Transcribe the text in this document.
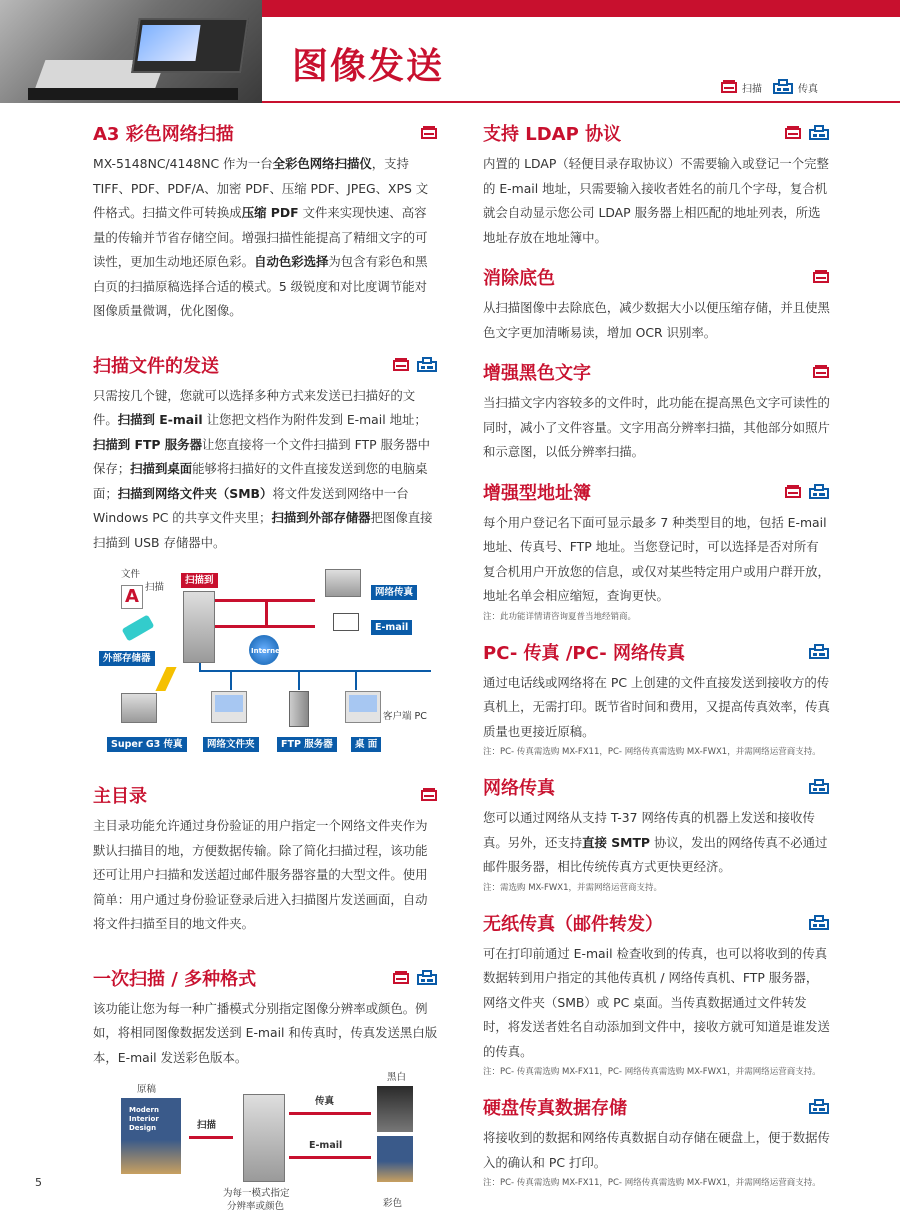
图像发送
扫描	传真
A3 彩色网络扫描
MX-5148NC/4148NC 作为一台全彩色网络扫描仪，支持 TIFF、PDF、PDF/A、加密 PDF、压缩 PDF、JPEG、XPS 文件格式。扫描文件可转换成压缩 PDF 文件来实现快速、高容量的传输并节省存储空间。增强扫描性能提高了精细文字的可读性，更加生动地还原色彩。自动色彩选择为包含有彩色和黑白页的扫描原稿选择合适的模式。5 级锐度和对比度调节能对图像质量微调，优化图像。
扫描文件的发送
只需按几个键，您就可以选择多种方式来发送已扫描好的文件。扫描到 E-mail 让您把文档作为附件发到 E-mail 地址；扫描到 FTP 服务器让您直接将一个文件扫描到 FTP 服务器中保存；扫描到桌面能够将扫描好的文件直接发送到您的电脑桌面；扫描到网络文件夹（SMB）将文件发送到网络中一台 Windows PC 的共享文件夹里；扫描到外部存储器把图像直接扫描到 USB 存储器中。
文件
扫描
A
外部存储器
扫描到
网络传真
E-mail
Internet
客户端 PC
Super G3 传真	网络文件夹	FTP 服务器	桌 面
主目录
主目录功能允许通过身份验证的用户指定一个网络文件夹作为默认扫描目的地，方便数据传输。除了简化扫描过程，该功能还可让用户扫描和发送超过邮件服务器容量的大型文件。使用简单：用户通过身份验证登录后进入扫描图片发送画面，自动将文件扫描至目的地文件夹。
一次扫描 / 多种格式
该功能让您为每一种广播模式分别指定图像分辨率或颜色。例如，将相同图像数据发送到 E-mail 和传真时，传真发送黑白版本，E-mail 发送彩色版本。
原稿
Modern Interior Design	扫描
传真
E-mail
黑白
为每一模式指定
分辨率或颜色	彩色
支持 LDAP 协议
内置的 LDAP（轻便目录存取协议）不需要输入或登记一个完整的 E-mail 地址，只需要输入接收者姓名的前几个字母，复合机就会自动显示您公司 LDAP 服务器上相匹配的地址列表，所选地址存放在地址簿中。
消除底色
从扫描图像中去除底色，减少数据大小以便压缩存储，并且使黑色文字更加清晰易读，增加 OCR 识别率。
增强黑色文字
当扫描文字内容较多的文件时，此功能在提高黑色文字可读性的同时，减小了文件容量。文字用高分辨率扫描，其他部分如照片和示意图，以低分辨率扫描。
增强型地址簿
每个用户登记名下面可显示最多 7 种类型目的地，包括 E-mail 地址、传真号、FTP 地址。当您登记时，可以选择是否对所有复合机用户开放您的信息，或仅对某些特定用户或用户群开放，地址名单会相应缩短，查询更快。
注：此功能详情请咨询夏普当地经销商。
PC- 传真 /PC- 网络传真
通过电话线或网络将在 PC 上创建的文件直接发送到接收方的传真机上，无需打印。既节省时间和费用，又提高传真效率，传真质量也更接近原稿。
注：PC- 传真需选购 MX-FX11，PC- 网络传真需选购 MX-FWX1，并需网络运营商支持。
网络传真
您可以通过网络从支持 T-37 网络传真的机器上发送和接收传真。另外，还支持直接 SMTP 协议，发出的网络传真不必通过邮件服务器，相比传统传真方式更快更经济。
注：需选购 MX-FWX1，并需网络运营商支持。
无纸传真（邮件转发）
可在打印前通过 E-mail 检查收到的传真，也可以将收到的传真数据转到用户指定的其他传真机 / 网络传真机、FTP 服务器，网络文件夹（SMB）或 PC 桌面。当传真数据通过文件转发时，将发送者姓名自动添加到文件中，接收方就可知道是谁发送的传真。
注：PC- 传真需选购 MX-FX11，PC- 网络传真需选购 MX-FWX1，并需网络运营商支持。
硬盘传真数据存储
将接收到的数据和网络传真数据自动存储在硬盘上，便于数据传入的确认和 PC 打印。
注：PC- 传真需选购 MX-FX11，PC- 网络传真需选购 MX-FWX1，并需网络运营商支持。
5
